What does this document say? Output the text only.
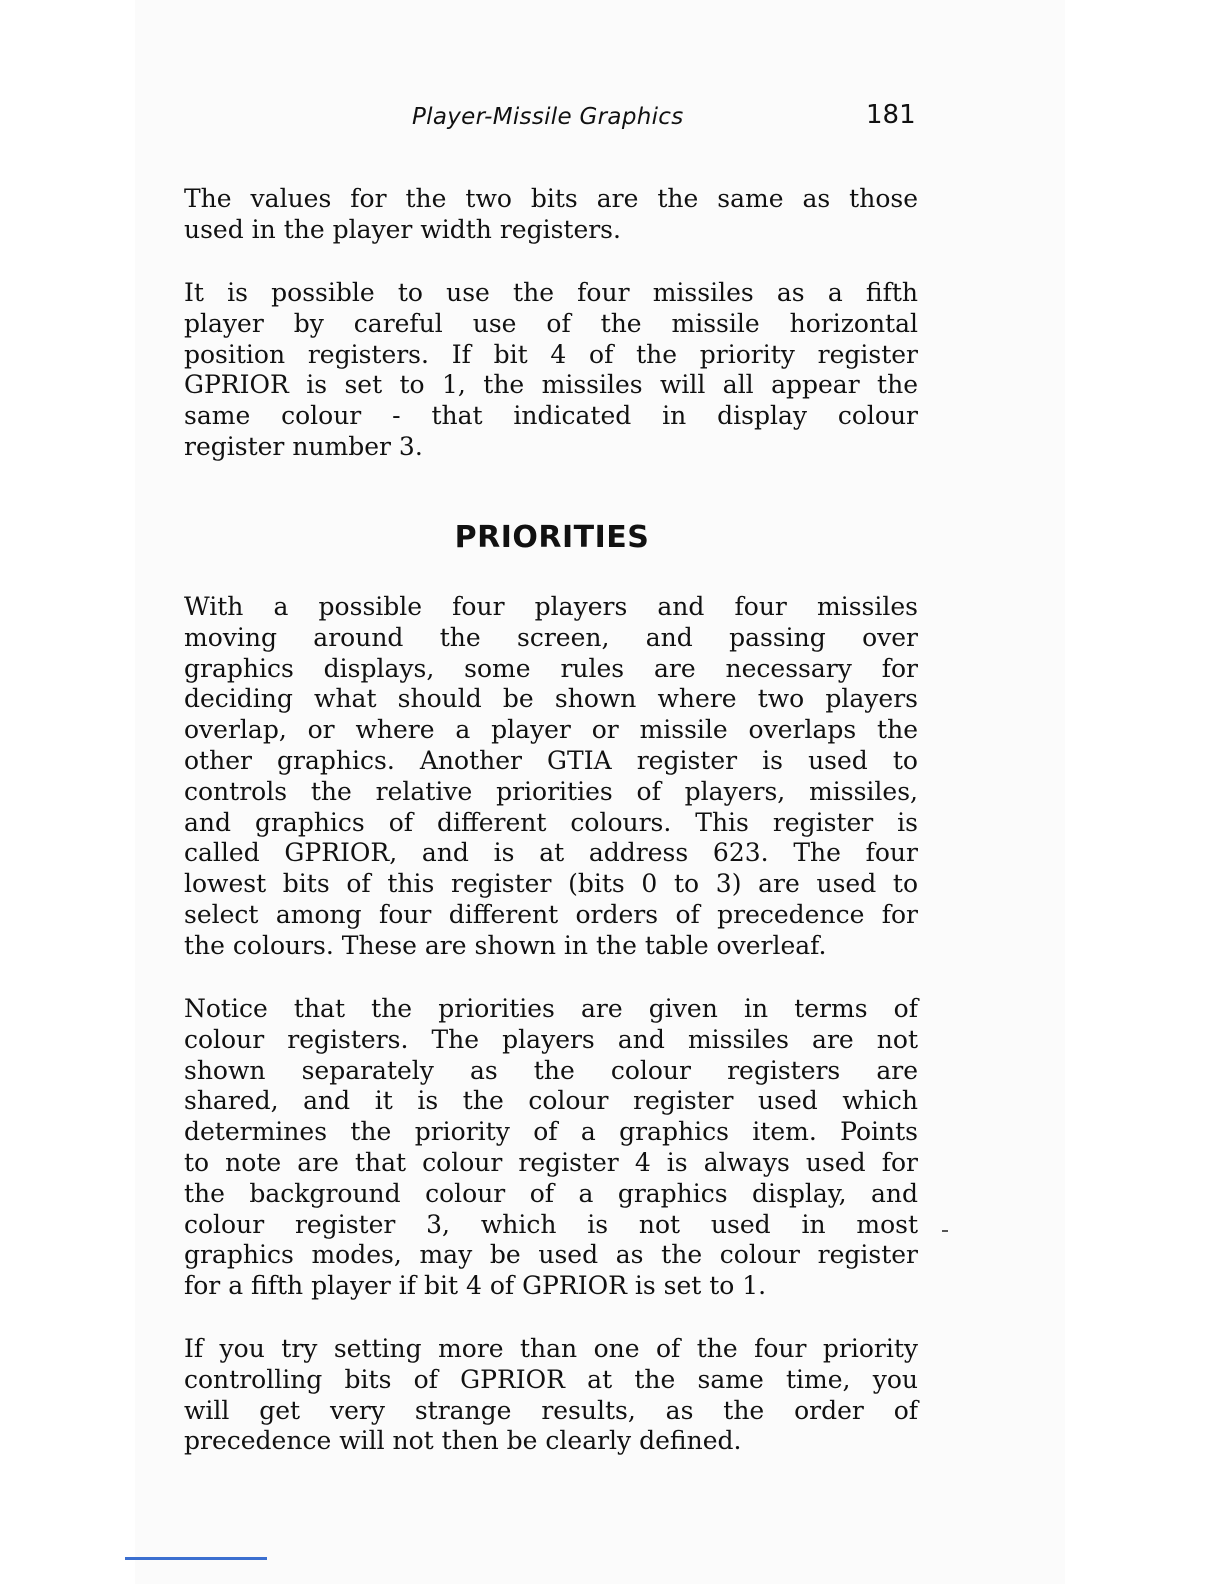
Player-Missile Graphics	181
The values for the two bits are the same as those
used in the player width registers.
It is possible to use the four missiles as a fifth
player by careful use of the missile horizontal
position registers. If bit 4 of the priority register
GPRIOR is set to 1, the missiles will all appear the
same colour - that indicated in display colour
register number 3.
PRIORITIES
With a possible four players and four missiles
moving around the screen, and passing over
graphics displays, some rules are necessary for
deciding what should be shown where two players
overlap, or where a player or missile overlaps the
other graphics. Another GTIA register is used to
controls the relative priorities of players, missiles,
and graphics of different colours. This register is
called GPRIOR, and is at address 623. The four
lowest bits of this register (bits 0 to 3) are used to
select among four different orders of precedence for
the colours. These are shown in the table overleaf.
Notice that the priorities are given in terms of
colour registers. The players and missiles are not
shown separately as the colour registers are
shared, and it is the colour register used which
determines the priority of a graphics item. Points
to note are that colour register 4 is always used for
the background colour of a graphics display, and
colour register 3, which is not used in most
graphics modes, may be used as the colour register
for a fifth player if bit 4 of GPRIOR is set to 1.
If you try setting more than one of the four priority
controlling bits of GPRIOR at the same time, you
will get very strange results, as the order of
precedence will not then be clearly defined.
